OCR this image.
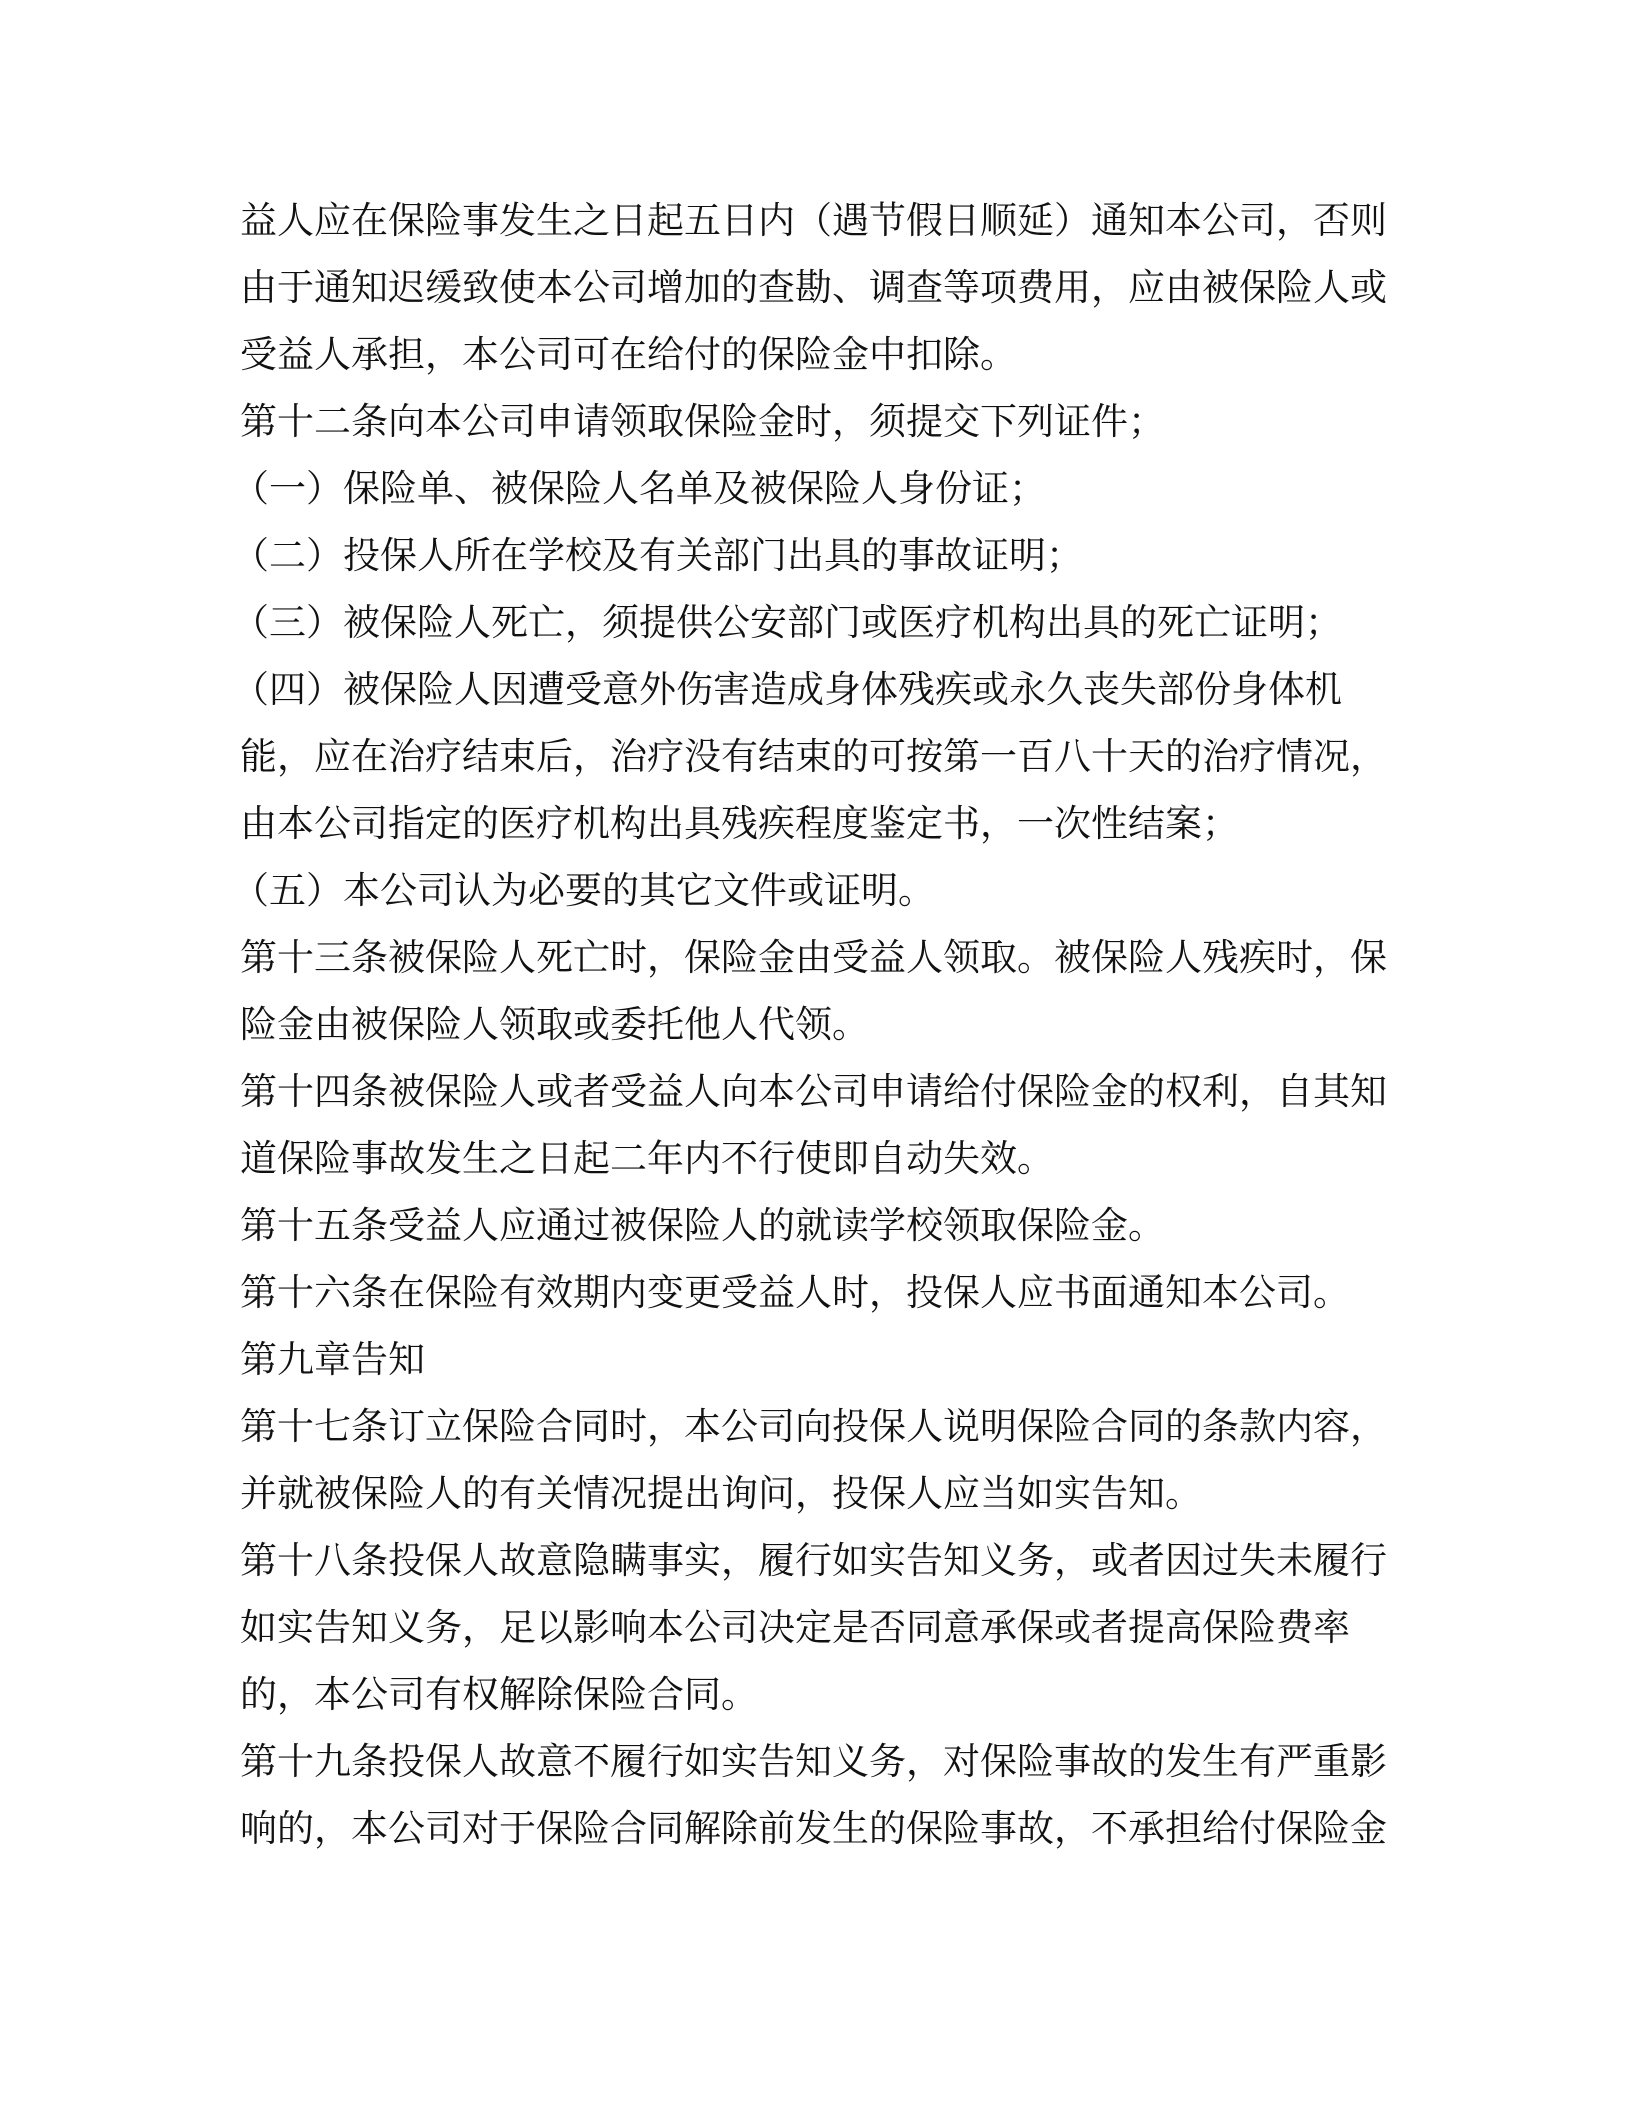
益人应在保险事发生之日起五日内（遇节假日顺延）通知本公司，否则
由于通知迟缓致使本公司增加的查勘、调查等项费用，应由被保险人或
受益人承担，本公司可在给付的保险金中扣除。
第十二条向本公司申请领取保险金时，须提交下列证件；
（一）保险单、被保险人名单及被保险人身份证；
（二）投保人所在学校及有关部门出具的事故证明；
（三）被保险人死亡，须提供公安部门或医疗机构出具的死亡证明；
（四）被保险人因遭受意外伤害造成身体残疾或永久丧失部份身体机
能，应在治疗结束后，治疗没有结束的可按第一百八十天的治疗情况，
由本公司指定的医疗机构出具残疾程度鉴定书，一次性结案；
（五）本公司认为必要的其它文件或证明。
第十三条被保险人死亡时，保险金由受益人领取。被保险人残疾时，保
险金由被保险人领取或委托他人代领。
第十四条被保险人或者受益人向本公司申请给付保险金的权利，自其知
道保险事故发生之日起二年内不行使即自动失效。
第十五条受益人应通过被保险人的就读学校领取保险金。
第十六条在保险有效期内变更受益人时，投保人应书面通知本公司。
第九章告知
第十七条订立保险合同时，本公司向投保人说明保险合同的条款内容，
并就被保险人的有关情况提出询问，投保人应当如实告知。
第十八条投保人故意隐瞒事实，履行如实告知义务，或者因过失未履行
如实告知义务，足以影响本公司决定是否同意承保或者提高保险费率
的，本公司有权解除保险合同。
第十九条投保人故意不履行如实告知义务，对保险事故的发生有严重影
响的，本公司对于保险合同解除前发生的保险事故，不承担给付保险金
